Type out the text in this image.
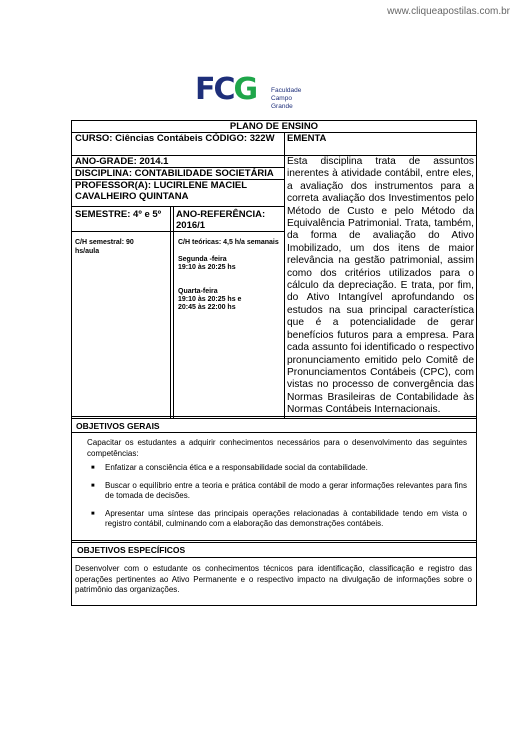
www.cliqueapostilas.com.br
FCG Faculdade
Campo Grande
PLANO DE ENSINO
CURSO: Ciências Contábeis CÓDIGO: 322W
ANO-GRADE: 2014.1
DISCIPLINA: CONTABILIDADE SOCIETÁRIA
PROFESSOR(A): LUCIRLENE MACIEL CAVALHEIRO QUINTANA
SEMESTRE: 4º e 5º	ANO-REFERÊNCIA: 2016/1
C/H semestral: 90 hs/aula
C/H teóricas: 4,5 h/a semanais
Segunda -feira
19:10 às 20:25 hs
Quarta-feira
19:10 às 20:25 hs e
20:45 às 22:00 hs
EMENTA
Esta disciplina trata de assuntos inerentes à atividade contábil, entre eles, a avaliação dos instrumentos para a correta avaliação dos Investimentos pelo Método de Custo e pelo Método da Equivalência Patrimonial. Trata, também, da forma de avaliação do Ativo Imobilizado, um dos itens de maior relevância na gestão patrimonial, assim como dos critérios utilizados para o cálculo da depreciação. E trata, por fim, do Ativo Intangível aprofundando os estudos na sua principal característica que é a potencialidade de gerar benefícios futuros para a empresa. Para cada assunto foi identificado o respectivo pronunciamento emitido pelo Comitê de Pronunciamentos Contábeis (CPC), com vistas no processo de convergência das Normas Brasileiras de Contabilidade às Normas Contábeis Internacionais.
OBJETIVOS GERAIS
Capacitar os estudantes a adquirir conhecimentos necessários para o desenvolvimento das seguintes competências:
■ Enfatizar a consciência ética e a responsabilidade social da contabilidade.
■ Buscar o equilíbrio entre a teoria e prática contábil de modo a gerar informações relevantes para fins de tomada de decisões.
■ Apresentar uma síntese das principais operações relacionadas à contabilidade tendo em vista o registro contábil, culminando com a elaboração das demonstrações contábeis.
OBJETIVOS ESPECÍFICOS
Desenvolver com o estudante os conhecimentos técnicos para identificação, classificação e registro das operações pertinentes ao Ativo Permanente e o respectivo impacto na divulgação de informações sobre o patrimônio das organizações.
